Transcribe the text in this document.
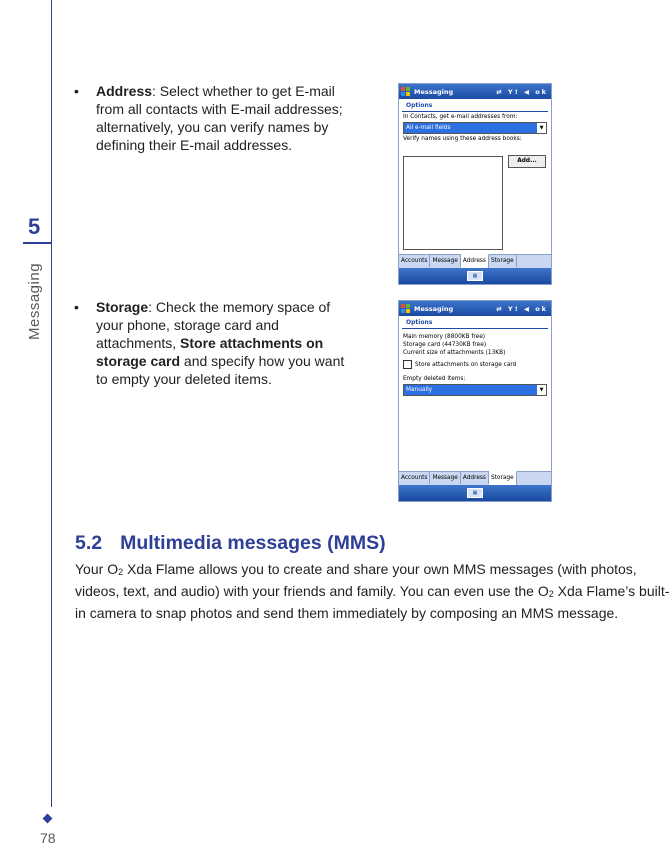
5
Messaging
78
• Address: Select whether to get E-mail from all contacts with E-mail addresses; alternatively, you can verify names by defining their E-mail addresses.
Messaging	⇄ Y! ◀ ok
Options
In Contacts, get e-mail addresses from:
All e-mail fields	▼
Verify names using these address books:
Add...
Accounts Message Address Storage
▦
• Storage: Check the memory space of your phone, storage card and attachments, Store attachments on storage card and specify how you want to empty your deleted items.
Messaging	⇄ Y! ◀ ok
Options
Main memory (8800KB free)
Storage card (44730KB free)
Current size of attachments (13KB)
Store attachments on storage card
Empty deleted items:
Manually	▼
Accounts Message Address Storage
▦
5.2 Multimedia messages (MMS)
Your $O_2$ Xda Flame allows you to create and share your own MMS messages (with photos, videos, text, and audio) with your friends and family. You can even use the $O_2$ Xda Flame’s built-in camera to snap photos and send them immediately by composing an MMS message.
